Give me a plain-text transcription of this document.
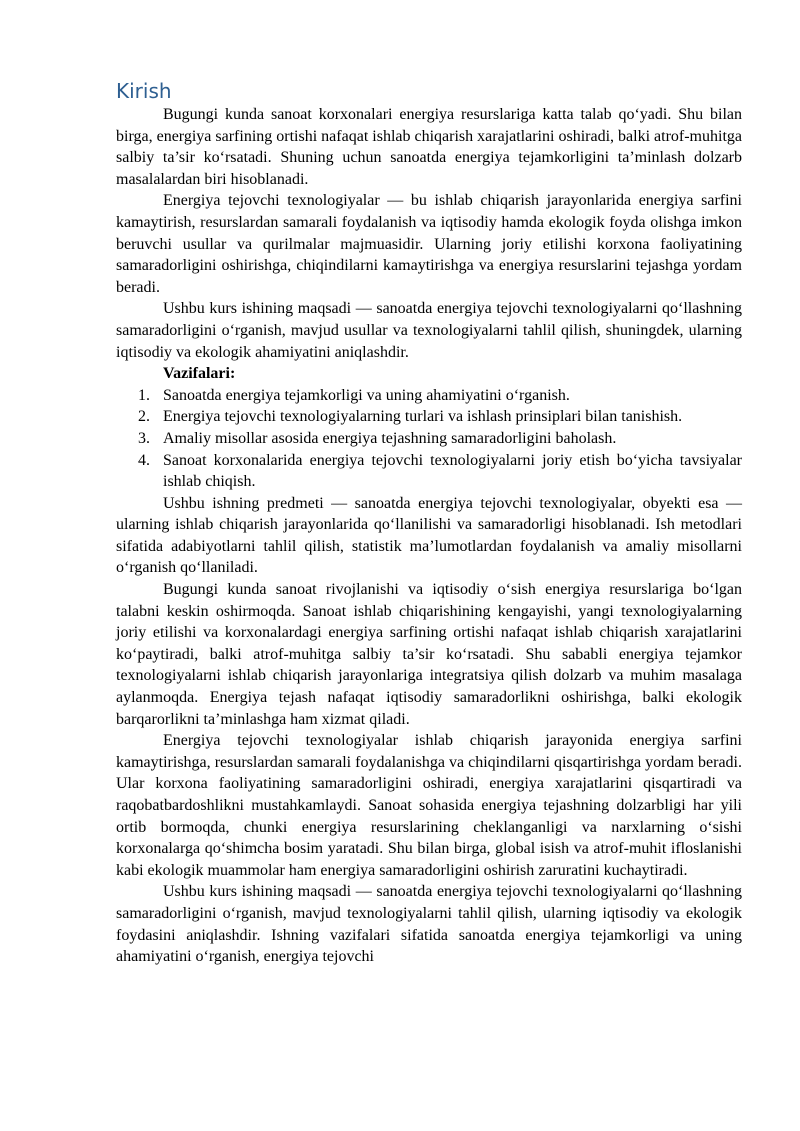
Kirish

Bugungi kunda sanoat korxonalari energiya resurslariga katta talab qo‘yadi. Shu bilan birga, energiya sarfining ortishi nafaqat ishlab chiqarish xarajatlarini oshiradi, balki atrof-muhitga salbiy ta’sir ko‘rsatadi. Shuning uchun sanoatda energiya tejamkorligini ta’minlash dolzarb masalalardan biri hisoblanadi.

Energiya tejovchi texnologiyalar — bu ishlab chiqarish jarayonlarida energiya sarfini kamaytirish, resurslardan samarali foydalanish va iqtisodiy hamda ekologik foyda olishga imkon beruvchi usullar va qurilmalar majmuasidir. Ularning joriy etilishi korxona faoliyatining samaradorligini oshirishga, chiqindilarni kamaytirishga va energiya resurslarini tejashga yordam beradi.

Ushbu kurs ishining maqsadi — sanoatda energiya tejovchi texnologiyalarni qo‘llashning samaradorligini o‘rganish, mavjud usullar va texnologiyalarni tahlil qilish, shuningdek, ularning iqtisodiy va ekologik ahamiyatini aniqlashdir.

Vazifalari:

1. Sanoatda energiya tejamkorligi va uning ahamiyatini o‘rganish.
2. Energiya tejovchi texnologiyalarning turlari va ishlash prinsiplari bilan tanishish.
3. Amaliy misollar asosida energiya tejashning samaradorligini baholash.
4. Sanoat korxonalarida energiya tejovchi texnologiyalarni joriy etish bo‘yicha tavsiyalar ishlab chiqish.

Ushbu ishning predmeti — sanoatda energiya tejovchi texnologiyalar, obyekti esa — ularning ishlab chiqarish jarayonlarida qo‘llanilishi va samaradorligi hisoblanadi. Ish metodlari sifatida adabiyotlarni tahlil qilish, statistik ma’lumotlardan foydalanish va amaliy misollarni o‘rganish qo‘llaniladi.

Bugungi kunda sanoat rivojlanishi va iqtisodiy o‘sish energiya resurslariga bo‘lgan talabni keskin oshirmoqda. Sanoat ishlab chiqarishining kengayishi, yangi texnologiyalarning joriy etilishi va korxonalardagi energiya sarfining ortishi nafaqat ishlab chiqarish xarajatlarini ko‘paytiradi, balki atrof-muhitga salbiy ta’sir ko‘rsatadi. Shu sababli energiya tejamkor texnologiyalarni ishlab chiqarish jarayonlariga integratsiya qilish dolzarb va muhim masalaga aylanmoqda. Energiya tejash nafaqat iqtisodiy samaradorlikni oshirishga, balki ekologik barqarorlikni ta’minlashga ham xizmat qiladi.

Energiya tejovchi texnologiyalar ishlab chiqarish jarayonida energiya sarfini kamaytirishga, resurslardan samarali foydalanishga va chiqindilarni qisqartirishga yordam beradi. Ular korxona faoliyatining samaradorligini oshiradi, energiya xarajatlarini qisqartiradi va raqobatbardoshlikni mustahkamlaydi. Sanoat sohasida energiya tejashning dolzarbligi har yili ortib bormoqda, chunki energiya resurslarining cheklanganligi va narxlarning o‘sishi korxonalarga qo‘shimcha bosim yaratadi. Shu bilan birga, global isish va atrof-muhit ifloslanishi kabi ekologik muammolar ham energiya samaradorligini oshirish zaruratini kuchaytiradi.

Ushbu kurs ishining maqsadi — sanoatda energiya tejovchi texnologiyalarni qo‘llashning samaradorligini o‘rganish, mavjud texnologiyalarni tahlil qilish, ularning iqtisodiy va ekologik foydasini aniqlashdir. Ishning vazifalari sifatida sanoatda energiya tejamkorligi va uning ahamiyatini o‘rganish, energiya tejovchi
